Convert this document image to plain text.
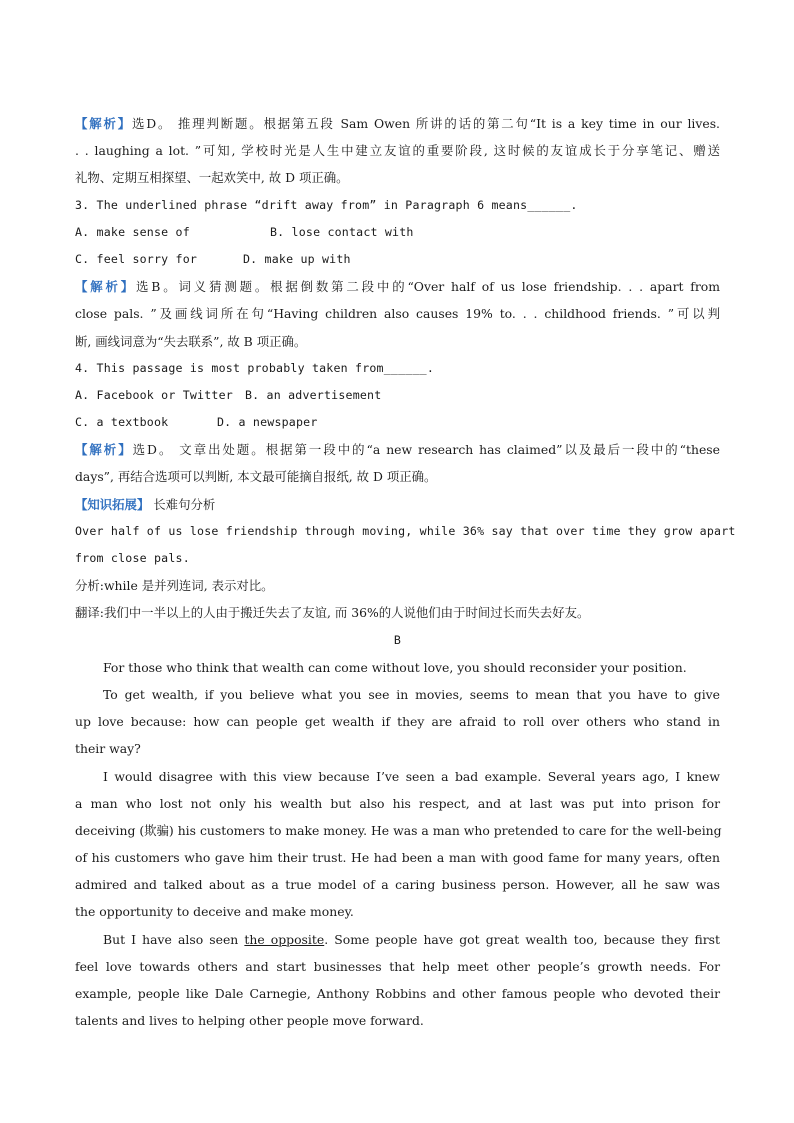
【解析】选D。 推理判断题。根据第五段 Sam Owen 所讲的话的第二句“It is a key time in our lives.
. . laughing a lot. ”可知, 学校时光是人生中建立友谊的重要阶段, 这时候的友谊成长于分享笔记、赠送
礼物、定期互相探望、一起欢笑中, 故 D 项正确。
3. The underlined phrase “drift away from” in Paragraph 6 means______.
A. make sense of	B. lose contact with
C. feel sorry for	D. make up with
【解析】选B。词义猜测题。根据倒数第二段中的“Over half of us lose friendship. . . apart from
close pals. ”及画线词所在句“Having children also causes 19% to. . . childhood friends. ”可以判
断, 画线词意为“失去联系”, 故 B 项正确。
4. This passage is most probably taken from______.
A. Facebook or Twitter B. an advertisement
C. a textbook	D. a newspaper
【解析】选D。 文章出处题。根据第一段中的“a new research has claimed”以及最后一段中的“these
days”, 再结合选项可以判断, 本文最可能摘自报纸, 故 D 项正确。
【知识拓展】 长难句分析
Over half of us lose friendship through moving, while 36% say that over time they grow apart
from close pals.
分析:while 是并列连词, 表示对比。
翻译:我们中一半以上的人由于搬迁失去了友谊, 而 36%的人说他们由于时间过长而失去好友。
B
For those who think that wealth can come without love, you should reconsider your position.
To get wealth, if you believe what you see in movies, seems to mean that you have to give
up love because: how can people get wealth if they are afraid to roll over others who stand in
their way?
I would disagree with this view because I’ve seen a bad example. Several years ago, I knew
a man who lost not only his wealth but also his respect, and at last was put into prison for
deceiving (欺骗) his customers to make money. He was a man who pretended to care for the well-being
of his customers who gave him their trust. He had been a man with good fame for many years, often
admired and talked about as a true model of a caring business person. However, all he saw was
the opportunity to deceive and make money.
But I have also seen the opposite. Some people have got great wealth too, because they first
feel love towards others and start businesses that help meet other people’s growth needs. For
example, people like Dale Carnegie, Anthony Robbins and other famous people who devoted their
talents and lives to helping other people move forward.
